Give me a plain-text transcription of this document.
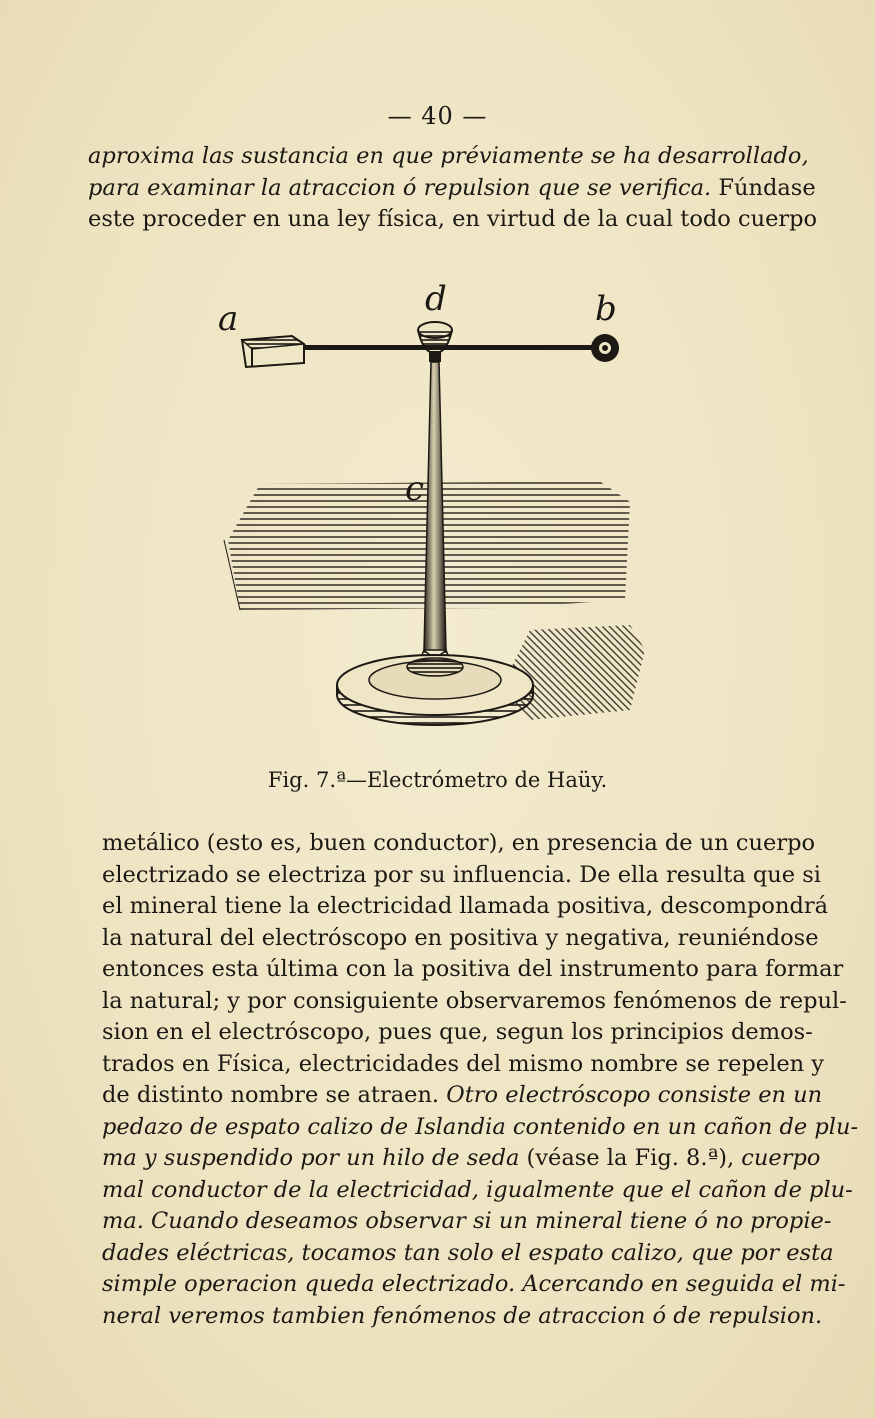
— 40 —
aproxima las sustancia en que préviamente se ha desarrollado,
para examinar la atraccion ó repulsion que se verifica. Fúndase
este proceder en una ley física, en virtud de la cual todo cuerpo
a	b
c
d
Fig. 7.ª—Electrómetro de Haüy.
metálico (esto es, buen conductor), en presencia de un cuerpo
electrizado se electriza por su influencia. De ella resulta que si
el mineral tiene la electricidad llamada positiva, descompondrá
la natural del electróscopo en positiva y negativa, reuniéndose
entonces esta última con la positiva del instrumento para formar
la natural; y por consiguiente observaremos fenómenos de repul-
sion en el electróscopo, pues que, segun los principios demos-
trados en Física, electricidades del mismo nombre se repelen y
de distinto nombre se atraen. Otro electróscopo consiste en un
pedazo de espato calizo de Islandia contenido en un cañon de plu-
ma y suspendido por un hilo de seda (véase la Fig. 8.ª), cuerpo
mal conductor de la electricidad, igualmente que el cañon de plu-
ma. Cuando deseamos observar si un mineral tiene ó no propie-
dades eléctricas, tocamos tan solo el espato calizo, que por esta
simple operacion queda electrizado. Acercando en seguida el mi-
neral veremos tambien fenómenos de atraccion ó de repulsion.
